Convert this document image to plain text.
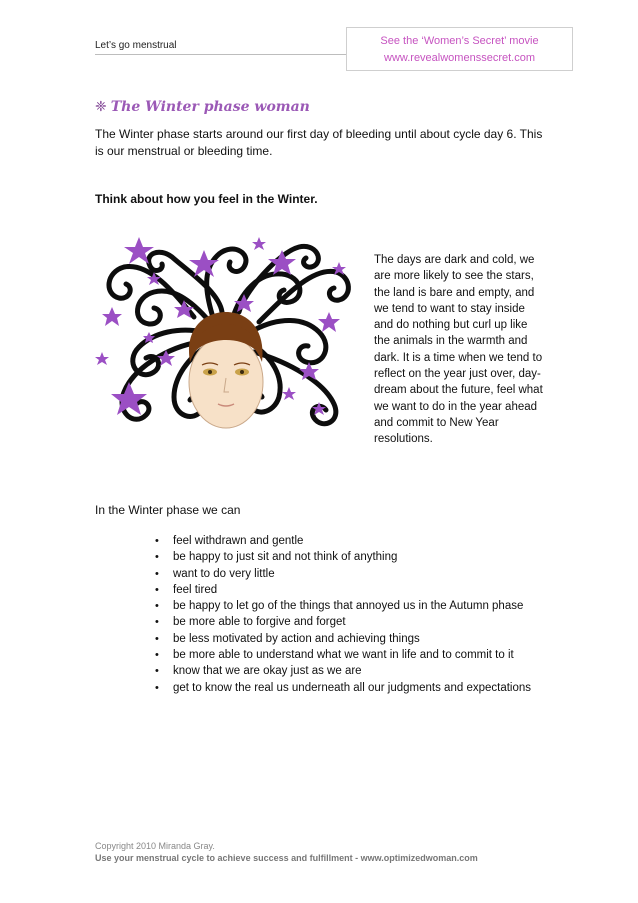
Let’s go menstrual	See the ‘Women’s Secret’ movie
www.revealwomenssecret.com
❈ The Winter phase woman
The Winter phase starts around our first day of bleeding until about cycle day 6. This is our menstrual or bleeding time.
Think about how you feel in the Winter.
The days are dark and cold, we are more likely to see the stars, the land is bare and empty, and we tend to want to stay inside and do nothing but curl up like the animals in the warmth and dark. It is a time when we tend to reflect on the year just over, day-dream about the future, feel what we want to do in the year ahead and commit to New Year resolutions.
In the Winter phase we can
• feel withdrawn and gentle
• be happy to just sit and not think of anything
• want to do very little
• feel tired
• be happy to let go of the things that annoyed us in the Autumn phase
• be more able to forgive and forget
• be less motivated by action and achieving things
• be more able to understand what we want in life and to commit to it
• know that we are okay just as we are
• get to know the real us underneath all our judgments and expectations
Copyright 2010 Miranda Gray.
Use your menstrual cycle to achieve success and fulfillment - www.optimizedwoman.com
